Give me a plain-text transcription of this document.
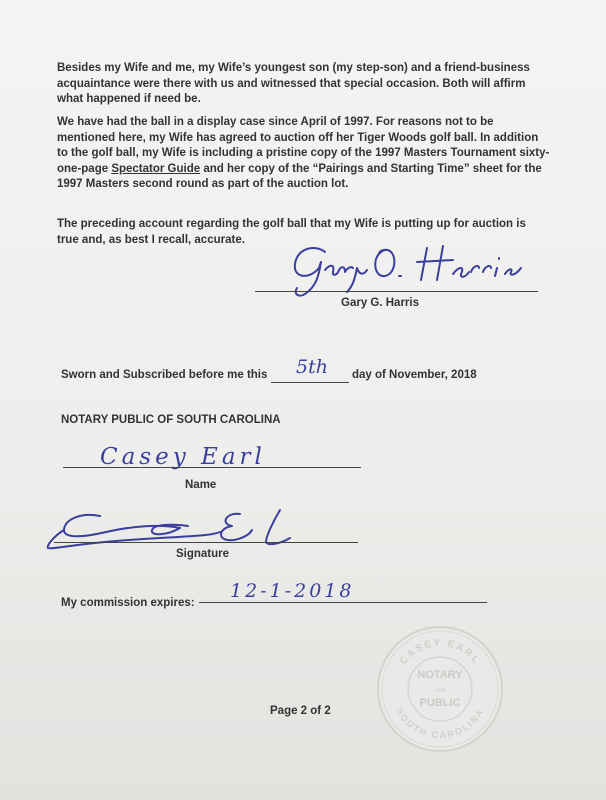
Besides my Wife and me, my Wife’s youngest son (my step-son) and a friend-business acquaintance were there with us and witnessed that special occasion. Both will affirm what happened if need be.

We have had the ball in a display case since April of 1997. For reasons not to be mentioned here, my Wife has agreed to auction off her Tiger Woods golf ball. In addition to the golf ball, my Wife is including a pristine copy of the 1997 Masters Tournament sixty-one-page Spectator Guide and her copy of the “Pairings and Starting Time” sheet for the 1997 Masters second round as part of the auction lot.

The preceding account regarding the golf ball that my Wife is putting up for auction is true and, as best I recall, accurate.

Gary G. Harris
Sworn and Subscribed before me this 5th day of November, 2018
NOTARY PUBLIC OF SOUTH CAROLINA
Casey Earl
Name
Signature
My commission expires:
12-1-2018
CASEY EARL
SOUTH CAROLINA
NOTARY
seal
PUBLIC
Page 2 of 2
